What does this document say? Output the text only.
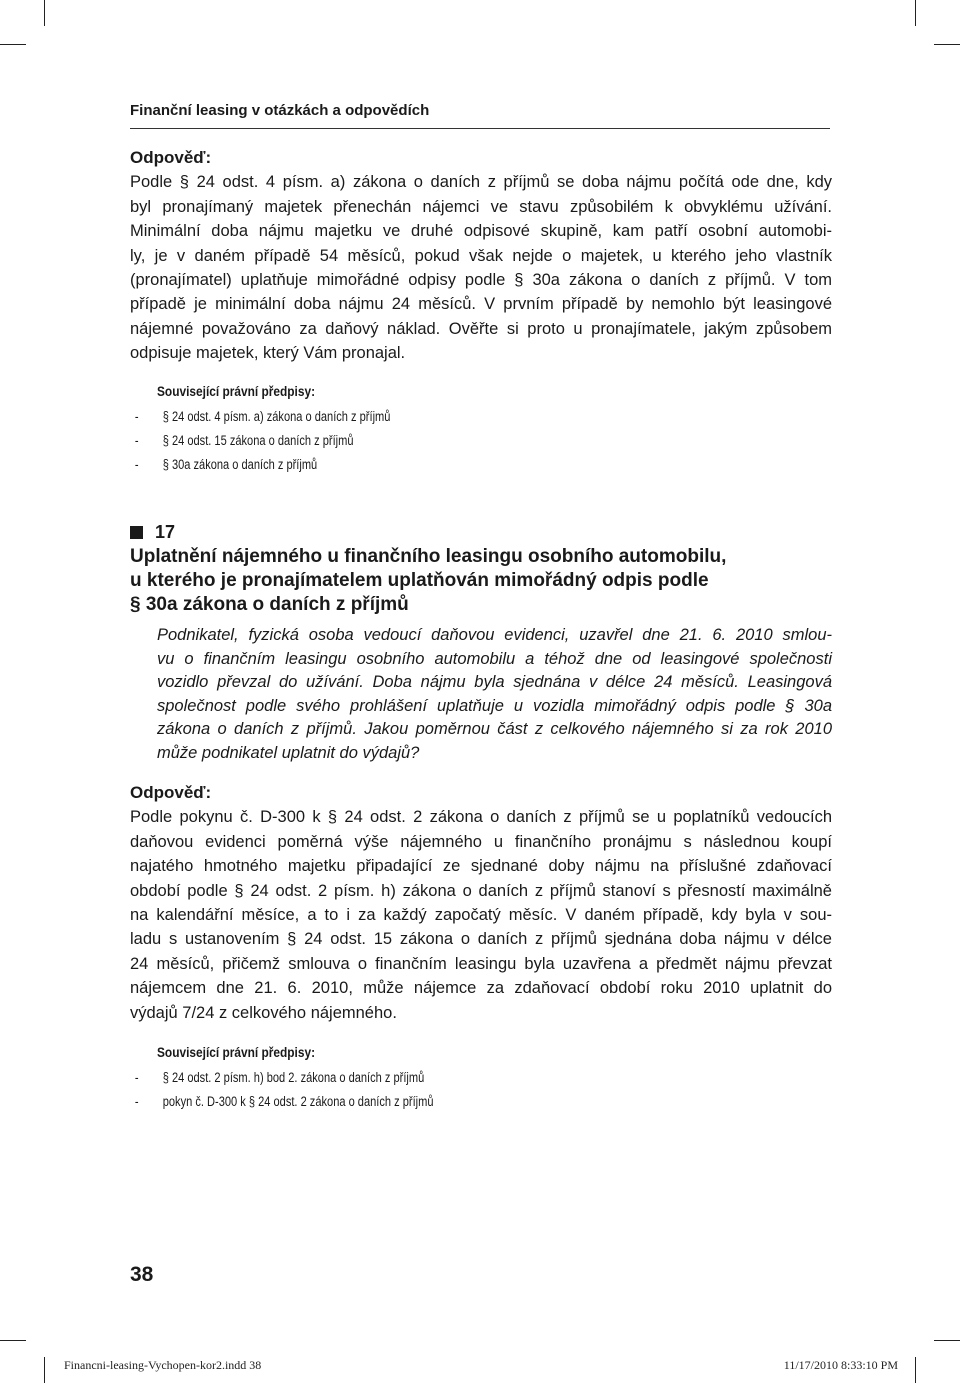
Finanční leasing v otázkách a odpovědích
Odpověď:
Podle § 24 odst. 4 písm. a) zákona o daních z příjmů se doba nájmu počítá ode dne, kdy
byl pronajímaný majetek přenechán nájemci ve stavu způsobilém k obvyklému užívání.
Minimální doba nájmu majetku ve druhé odpisové skupině, kam patří osobní automobi-
ly, je v daném případě 54 měsíců, pokud však nejde o majetek, u kterého jeho vlastník
(pronajímatel) uplatňuje mimořádné odpisy podle § 30a zákona o daních z příjmů. V tom
případě je minimální doba nájmu 24 měsíců. V prvním případě by nemohlo být leasingové
nájemné považováno za daňový náklad. Ověřte si proto u pronajímatele, jakým způsobem
odpisuje majetek, který Vám pronajal.
Související právní předpisy:
- § 24 odst. 4 písm. a) zákona o daních z příjmů
- § 24 odst. 15 zákona o daních z příjmů
- § 30a zákona o daních z příjmů
17
Uplatnění nájemného u finančního leasingu osobního automobilu,
u kterého je pronajímatelem uplatňován mimořádný odpis podle
§ 30a zákona o daních z příjmů
Podnikatel, fyzická osoba vedoucí daňovou evidenci, uzavřel dne 21. 6. 2010 smlou-
vu o finančním leasingu osobního automobilu a téhož dne od leasingové společnosti
vozidlo převzal do užívání. Doba nájmu byla sjednána v délce 24 měsíců. Leasingová
společnost podle svého prohlášení uplatňuje u vozidla mimořádný odpis podle § 30a
zákona o daních z příjmů. Jakou poměrnou část z celkového nájemného si za rok 2010
může podnikatel uplatnit do výdajů?
Odpověď:
Podle pokynu č. D-300 k § 24 odst. 2 zákona o daních z příjmů se u poplatníků vedoucích
daňovou evidenci poměrná výše nájemného u finančního pronájmu s následnou koupí
najatého hmotného majetku připadající ze sjednané doby nájmu na příslušné zdaňovací
období podle § 24 odst. 2 písm. h) zákona o daních z příjmů stanoví s přesností maximálně
na kalendářní měsíce, a to i za každý započatý měsíc. V daném případě, kdy byla v sou-
ladu s ustanovením § 24 odst. 15 zákona o daních z příjmů sjednána doba nájmu v délce
24 měsíců, přičemž smlouva o finančním leasingu byla uzavřena a předmět nájmu převzat
nájemcem dne 21. 6. 2010, může nájemce za zdaňovací období roku 2010 uplatnit do
výdajů 7/24 z celkového nájemného.
Související právní předpisy:
- § 24 odst. 2 písm. h) bod 2. zákona o daních z příjmů
- pokyn č. D-300 k § 24 odst. 2 zákona o daních z příjmů
38
Financni-leasing-Vychopen-kor2.indd 38	11/17/2010 8:33:10 PM
